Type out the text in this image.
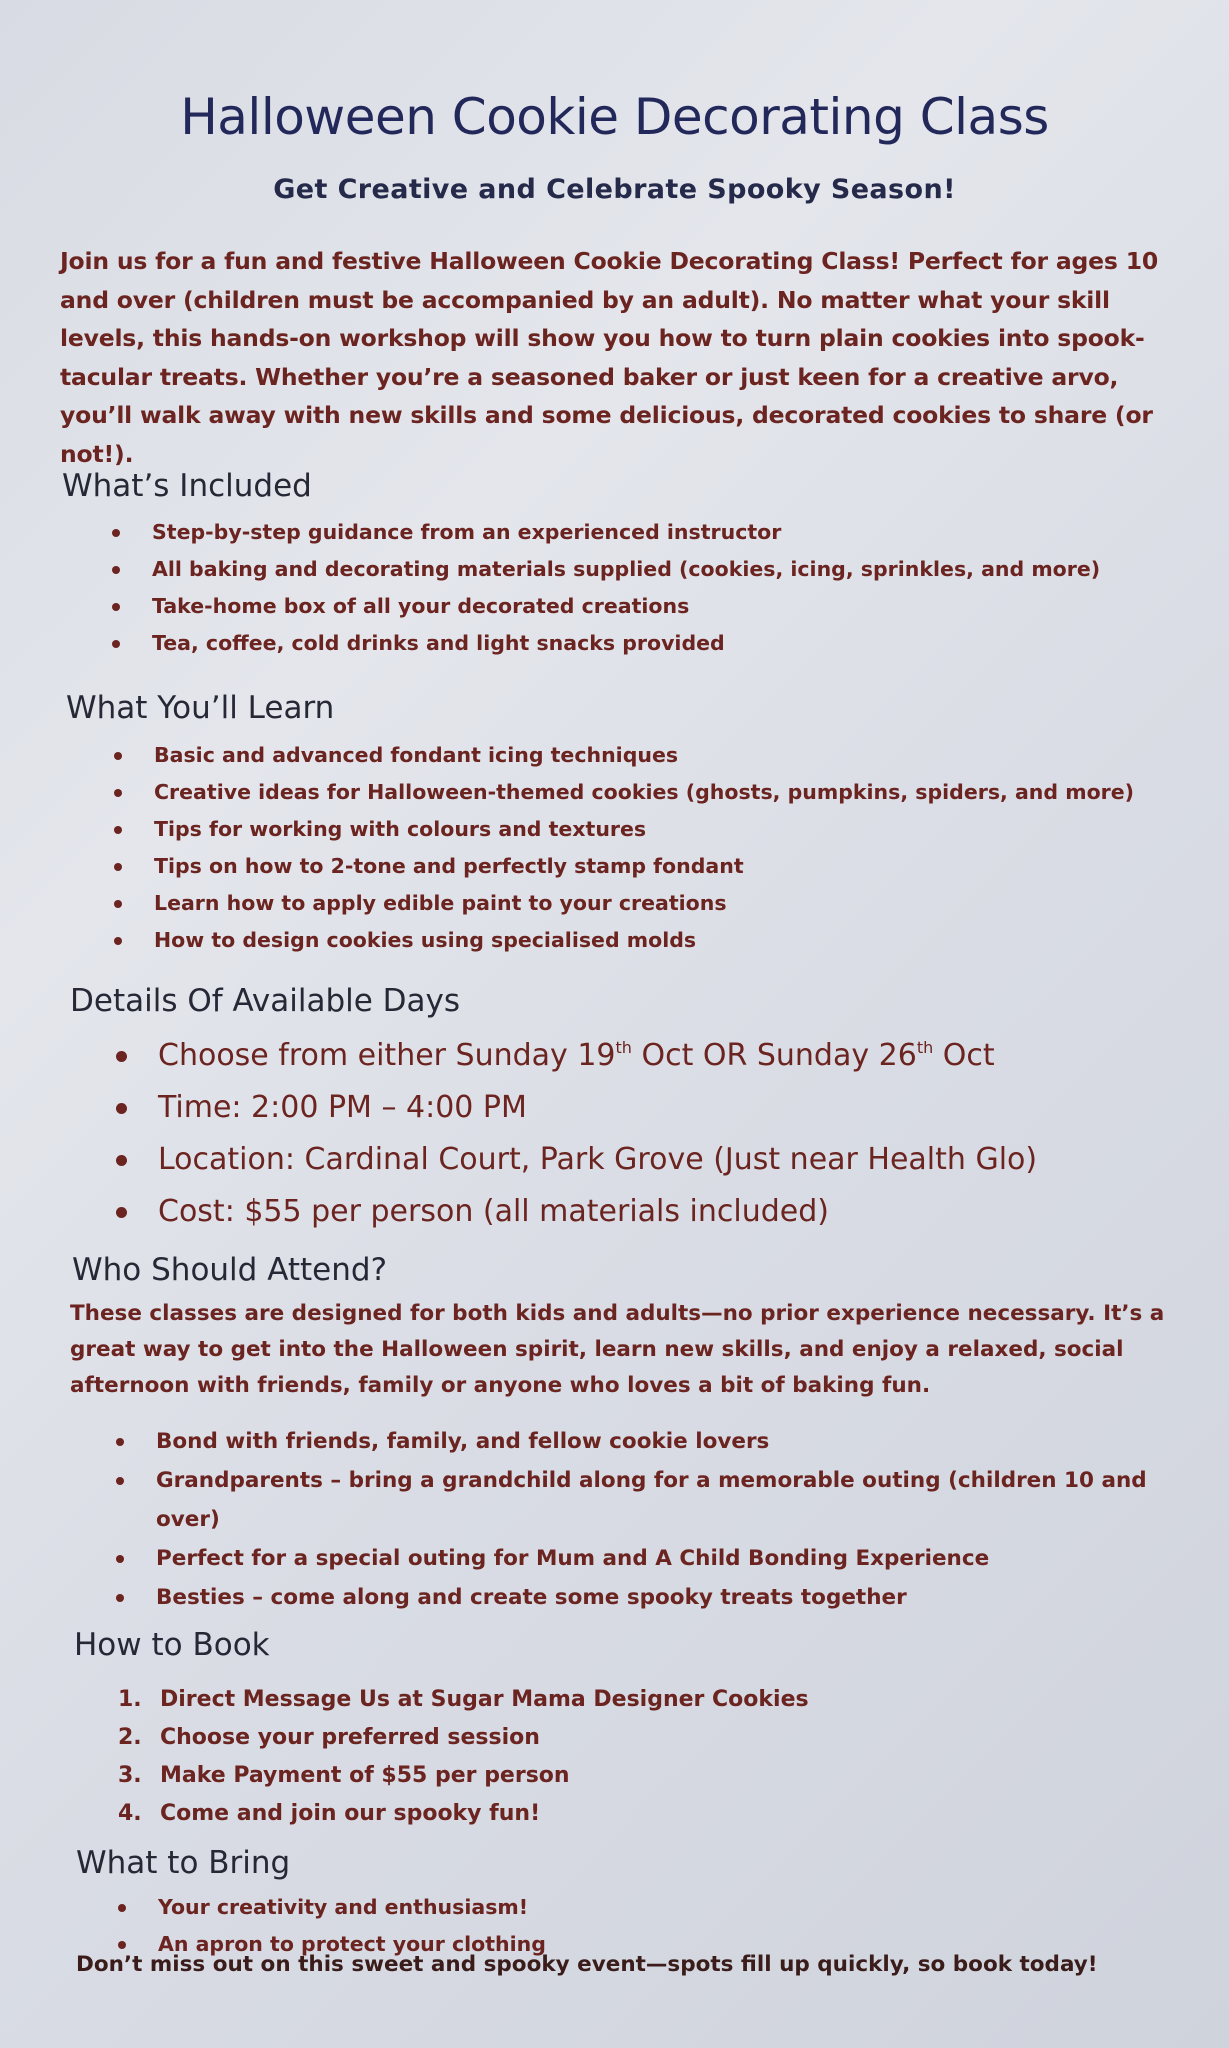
Halloween Cookie Decorating Class
Get Creative and Celebrate Spooky Season!
Join us for a fun and festive Halloween Cookie Decorating Class! Perfect for ages 10 and over (children must be accompanied by an adult). No matter what your skill levels, this hands-on workshop will show you how to turn plain cookies into spook-tacular treats. Whether you’re a seasoned baker or just keen for a creative arvo, you’ll walk away with new skills and some delicious, decorated cookies to share (or not!).
What’s Included
Step-by-step guidance from an experienced instructor
All baking and decorating materials supplied (cookies, icing, sprinkles, and more)
Take-home box of all your decorated creations
Tea, coffee, cold drinks and light snacks provided
What You’ll Learn
Basic and advanced fondant icing techniques
Creative ideas for Halloween-themed cookies (ghosts, pumpkins, spiders, and more)
Tips for working with colours and textures
Tips on how to 2-tone and perfectly stamp fondant
Learn how to apply edible paint to your creations
How to design cookies using specialised molds
Details Of Available Days
Choose from either Sunday 19th Oct OR Sunday 26th Oct
Time: 2:00 PM – 4:00 PM
Location: Cardinal Court, Park Grove (Just near Health Glo)
Cost: $55 per person (all materials included)
Who Should Attend?
These classes are designed for both kids and adults—no prior experience necessary. It’s a great way to get into the Halloween spirit, learn new skills, and enjoy a relaxed, social afternoon with friends, family or anyone who loves a bit of baking fun.
Bond with friends, family, and fellow cookie lovers
Grandparents – bring a grandchild along for a memorable outing (children 10 and over)
Perfect for a special outing for Mum and A Child Bonding Experience
Besties – come along and create some spooky treats together
How to Book
1. Direct Message Us at Sugar Mama Designer Cookies
2. Choose your preferred session
3. Make Payment of $55 per person
4. Come and join our spooky fun!
What to Bring
Your creativity and enthusiasm!
An apron to protect your clothing
Don’t miss out on this sweet and spooky event—spots fill up quickly, so book today!
